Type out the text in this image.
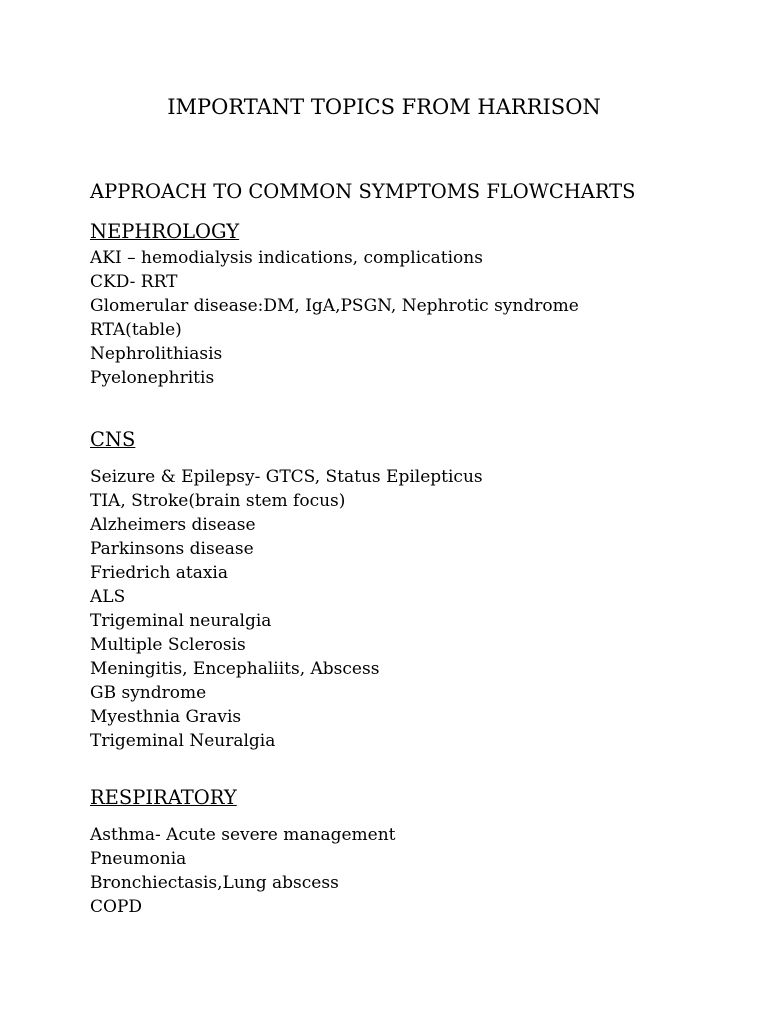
IMPORTANT TOPICS FROM HARRISON
APPROACH TO COMMON SYMPTOMS FLOWCHARTS
NEPHROLOGY
AKI – hemodialysis indications, complications
CKD- RRT
Glomerular disease:DM, IgA,PSGN, Nephrotic syndrome
RTA(table)
Nephrolithiasis
Pyelonephritis
CNS
Seizure & Epilepsy- GTCS, Status Epilepticus
TIA, Stroke(brain stem focus)
Alzheimers disease
Parkinsons disease
Friedrich ataxia
ALS
Trigeminal neuralgia
Multiple Sclerosis
Meningitis, Encephaliits, Abscess
GB syndrome
Myesthnia Gravis
Trigeminal Neuralgia
RESPIRATORY
Asthma- Acute severe management
Pneumonia
Bronchiectasis,Lung abscess
COPD
